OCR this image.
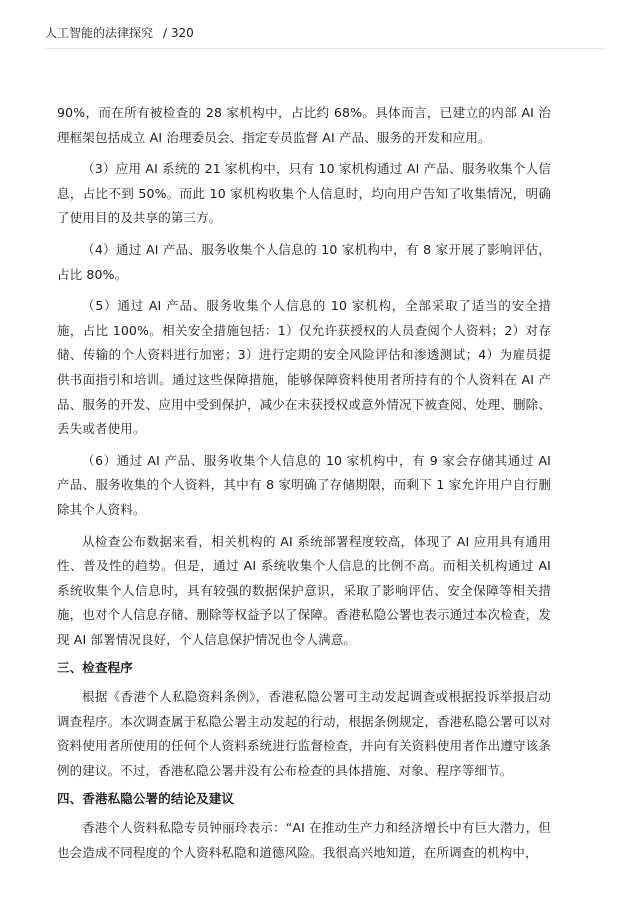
人工智能的法律探究 / 320

90%，而在所有被检查的 28 家机构中，占比约 68%。具体而言，已建立的内部 AI 治理框架包括成立 AI 治理委员会、指定专员监督 AI 产品、服务的开发和应用。

（3）应用 AI 系统的 21 家机构中，只有 10 家机构通过 AI 产品、服务收集个人信息，占比不到 50%。而此 10 家机构收集个人信息时，均向用户告知了收集情况，明确了使用目的及共享的第三方。

（4）通过 AI 产品、服务收集个人信息的 10 家机构中，有 8 家开展了影响评估，占比 80%。

（5）通过 AI 产品、服务收集个人信息的 10 家机构，全部采取了适当的安全措施，占比 100%。相关安全措施包括：1）仅允许获授权的人员查阅个人资料；2）对存储、传输的个人资料进行加密；3）进行定期的安全风险评估和渗透测试；4）为雇员提供书面指引和培训。通过这些保障措施，能够保障资料使用者所持有的个人资料在 AI 产品、服务的开发、应用中受到保护，减少在未获授权或意外情况下被查阅、处理、删除、丢失或者使用。

（6）通过 AI 产品、服务收集个人信息的 10 家机构中，有 9 家会存储其通过 AI 产品、服务收集的个人资料，其中有 8 家明确了存储期限，而剩下 1 家允许用户自行删除其个人资料。

从检查公布数据来看，相关机构的 AI 系统部署程度较高，体现了 AI 应用具有通用性、普及性的趋势。但是，通过 AI 系统收集个人信息的比例不高。而相关机构通过 AI 系统收集个人信息时，具有较强的数据保护意识，采取了影响评估、安全保障等相关措施，也对个人信息存储、删除等权益予以了保障。香港私隐公署也表示通过本次检查，发现 AI 部署情况良好，个人信息保护情况也令人满意。

三、检查程序

根据《香港个人私隐资料条例》，香港私隐公署可主动发起调查或根据投诉举报启动调查程序。本次调查属于私隐公署主动发起的行动，根据条例规定，香港私隐公署可以对资料使用者所使用的任何个人资料系统进行监督检查，并向有关资料使用者作出遵守该条例的建议。不过，香港私隐公署并没有公布检查的具体措施、对象、程序等细节。

四、香港私隐公署的结论及建议

香港个人资料私隐专员钟丽玲表示：“AI 在推动生产力和经济增长中有巨大潜力，但也会造成不同程度的个人资料私隐和道德风险。我很高兴地知道，在所调查的机构中，
